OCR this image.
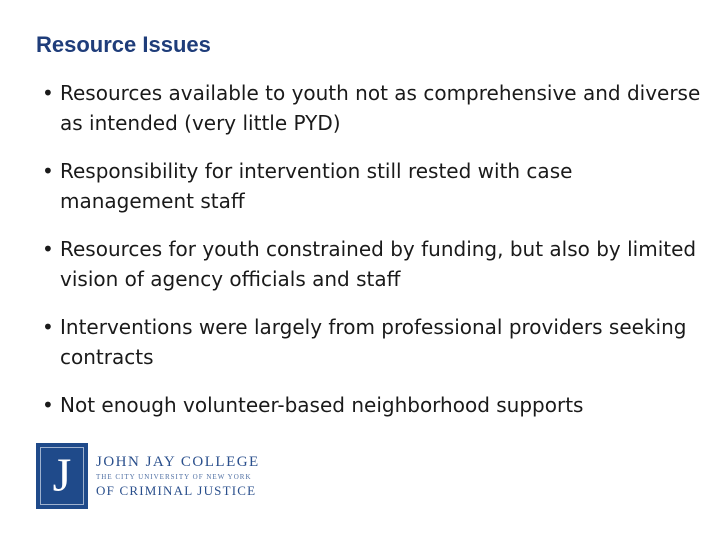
Resource Issues
• Resources available to youth not as comprehensive and diverse as intended (very little PYD)
• Responsibility for intervention still rested with case management staff
• Resources for youth constrained by funding, but also by limited vision of agency officials and staff
• Interventions were largely from professional providers seeking contracts
• Not enough volunteer-based neighborhood supports
J JOHN JAY COLLEGE
THE CITY UNIVERSITY OF NEW YORK
OF CRIMINAL JUSTICE
